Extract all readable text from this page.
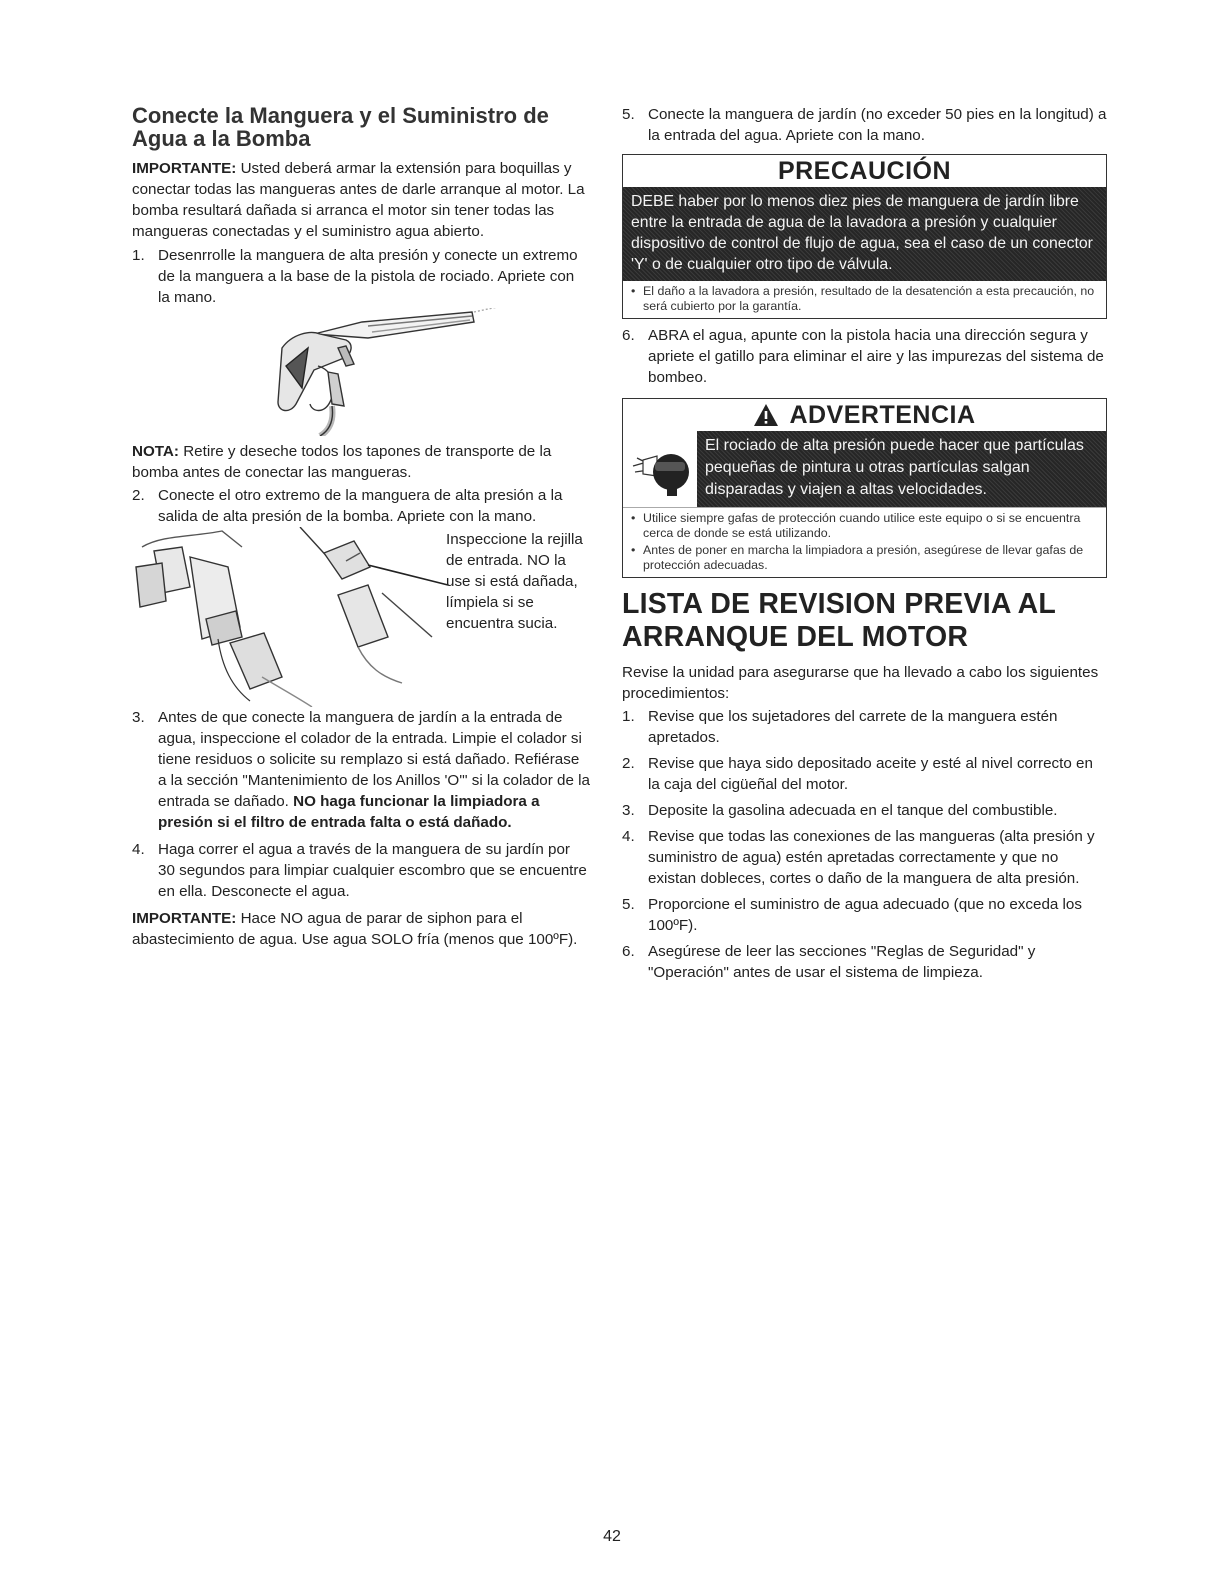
Conecte la Manguera y el Suministro de Agua a la Bomba

IMPORTANTE: Usted deberá armar la extensión para boquillas y conectar todas las mangueras antes de darle arranque al motor. La bomba resultará dañada si arranca el motor sin tener todas las mangueras conectadas y el suministro agua abierto.

1. Desenrrolle la manguera de alta presión y conecte un extremo de la manguera a la base de la pistola de rociado. Apriete con la mano.

NOTA: Retire y deseche todos los tapones de transporte de la bomba antes de conectar las mangueras.

2. Conecte el otro extremo de la manguera de alta presión a la salida de alta presión de la bomba. Apriete con la mano.
Inspeccione la rejilla de entrada. NO la use si está dañada, límpiela si se encuentra sucia.
3. Antes de que conecte la manguera de jardín a la entrada de agua, inspeccione el colador de la entrada. Limpie el colador si tiene residuos o solicite su remplazo si está dañado. Refiérase a la sección "Mantenimiento de los Anillos 'O'" si la colador de la entrada se dañado. NO haga funcionar la limpiadora a presión si el filtro de entrada falta o está dañado.
4. Haga correr el agua a través de la manguera de su jardín por 30 segundos para limpiar cualquier escombro que se encuentre en ella. Desconecte el agua.

IMPORTANTE: Hace NO agua de parar de siphon para el abastecimiento de agua. Use agua SOLO fría (menos que 100ºF).

5. Conecte la manguera de jardín (no exceder 50 pies en la longitud) a la entrada del agua. Apriete con la mano.
PRECAUCIÓN
DEBE haber por lo menos diez pies de manguera de jardín libre entre la entrada de agua de la lavadora a presión y cualquier dispositivo de control de flujo de agua, sea el caso de un conector 'Y' o de cualquier otro tipo de válvula.
• El daño a la lavadora a presión, resultado de la desatención a esta precaución, no será cubierto por la garantía.
6. ABRA el agua, apunte con la pistola hacia una dirección segura y apriete el gatillo para eliminar el aire y las impurezas del sistema de bombeo.
ADVERTENCIA
El rociado de alta presión puede hacer que partículas pequeñas de pintura u otras partículas salgan disparadas y viajen a altas velocidades.
• Utilice siempre gafas de protección cuando utilice este equipo o si se encuentra cerca de donde se está utilizando.
• Antes de poner en marcha la limpiadora a presión, asegúrese de llevar gafas de protección adecuadas.
LISTA DE REVISION PREVIA AL ARRANQUE DEL MOTOR

Revise la unidad para asegurarse que ha llevado a cabo los siguientes procedimientos:

1. Revise que los sujetadores del carrete de la manguera estén apretados.
2. Revise que haya sido depositado aceite y esté al nivel correcto en la caja del cigüeñal del motor.
3. Deposite la gasolina adecuada en el tanque del combustible.
4. Revise que todas las conexiones de las mangueras (alta presión y suministro de agua) estén apretadas correctamente y que no existan dobleces, cortes o daño de la manguera de alta presión.
5. Proporcione el suministro de agua adecuado (que no exceda los 100ºF).
6. Asegúrese de leer las secciones "Reglas de Seguridad" y "Operación" antes de usar el sistema de limpieza.
42
